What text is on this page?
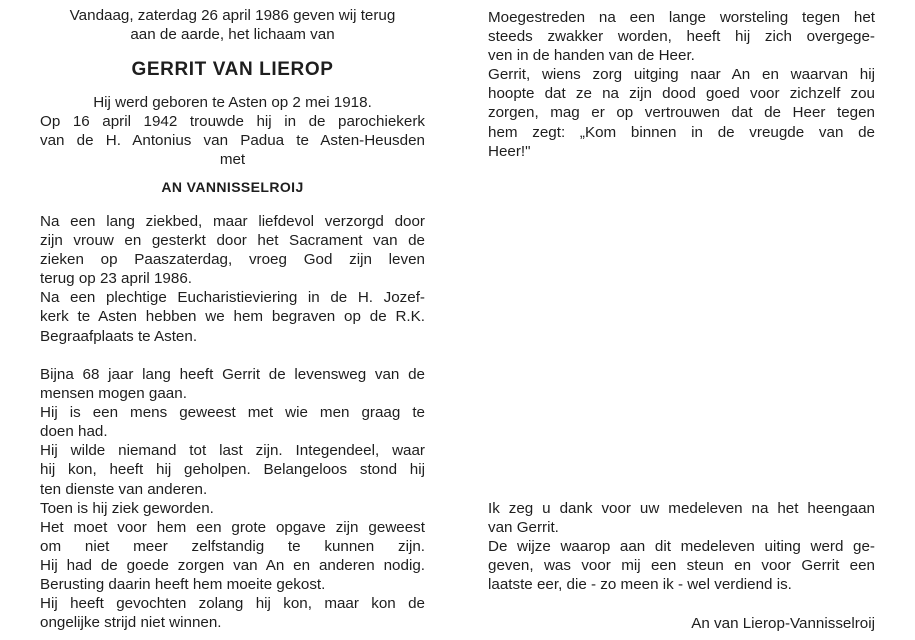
Vandaag, zaterdag 26 april 1986 geven wij terug
aan de aarde, het lichaam van
GERRIT VAN LIEROP
Hij werd geboren te Asten op 2 mei 1918.
Op 16 april 1942 trouwde hij in de parochiekerk
van de H. Antonius van Padua te Asten-Heusden
met
AN VANNISSELROIJ
Na een lang ziekbed, maar liefdevol verzorgd door
zijn vrouw en gesterkt door het Sacrament van de
zieken op Paaszaterdag, vroeg God zijn leven
terug op 23 april 1986.
Na een plechtige Eucharistieviering in de H. Jozef-
kerk te Asten hebben we hem begraven op de R.K.
Begraafplaats te Asten.
Bijna 68 jaar lang heeft Gerrit de levensweg van de
mensen mogen gaan.
Hij is een mens geweest met wie men graag te
doen had.
Hij wilde niemand tot last zijn. Integendeel, waar
hij kon, heeft hij geholpen. Belangeloos stond hij
ten dienste van anderen.
Toen is hij ziek geworden.
Het moet voor hem een grote opgave zijn geweest
om niet meer zelfstandig te kunnen zijn.
Hij had de goede zorgen van An en anderen nodig.
Berusting daarin heeft hem moeite gekost.
Hij heeft gevochten zolang hij kon, maar kon de
ongelijke strijd niet winnen.
Moegestreden na een lange worsteling tegen het
steeds zwakker worden, heeft hij zich overgege-
ven in de handen van de Heer.
Gerrit, wiens zorg uitging naar An en waarvan hij
hoopte dat ze na zijn dood goed voor zichzelf zou
zorgen, mag er op vertrouwen dat de Heer tegen
hem zegt: „Kom binnen in de vreugde van de
Heer!"
Ik zeg u dank voor uw medeleven na het heengaan
van Gerrit.
De wijze waarop aan dit medeleven uiting werd ge-
geven, was voor mij een steun en voor Gerrit een
laatste eer, die - zo meen ik - wel verdiend is.
An van Lierop-Vannisselroij
